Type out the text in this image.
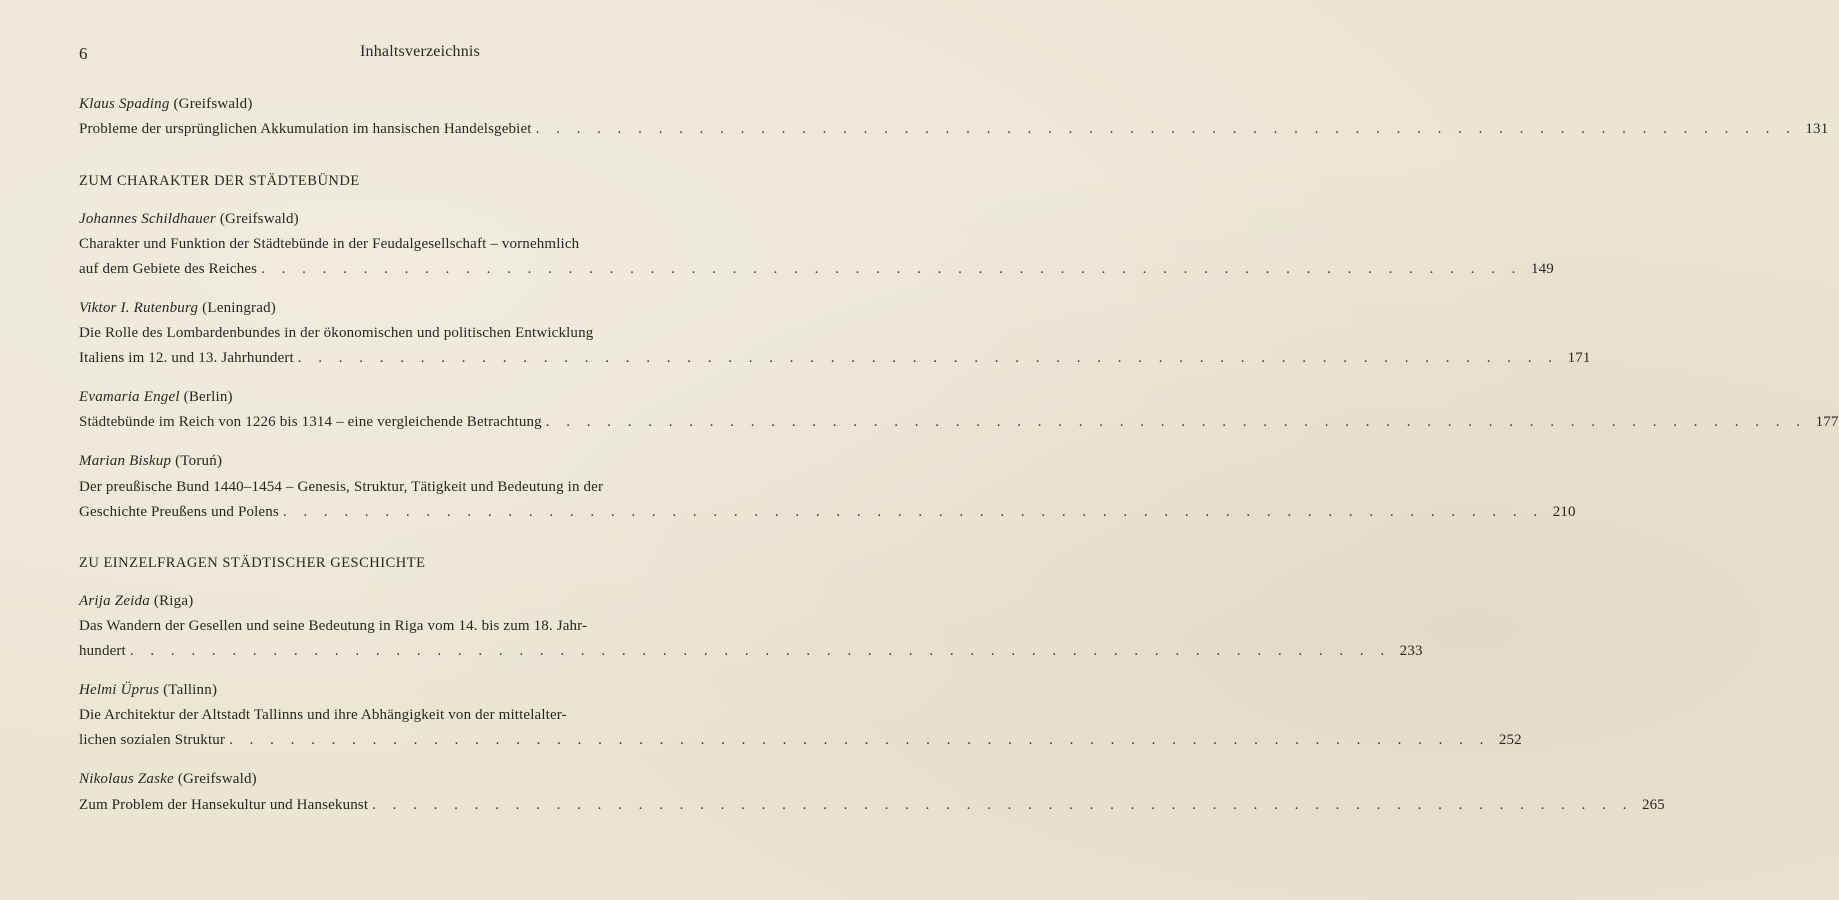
6	Inhaltsverzeichnis
Klaus Spading (Greifswald)
Probleme der ursprünglichen Akkumulation im hansischen Handelsgebiet . . . . . . . . . . . . . . . . . . . . . . . . . . . . . . . . . . . . . . . . . . . . . . . . . . . . . . . . . . . . . . 131
ZUM CHARAKTER DER STÄDTEBÜNDE
Johannes Schildhauer (Greifswald)
Charakter und Funktion der Städtebünde in der Feudalgesellschaft – vornehmlich
auf dem Gebiete des Reiches . . . . . . . . . . . . . . . . . . . . . . . . . . . . . . . . . . . . . . . . . . . . . . . . . . . . . . . . . . . . . . 149
Viktor I. Rutenburg (Leningrad)
Die Rolle des Lombardenbundes in der ökonomischen und politischen Entwicklung
Italiens im 12. und 13. Jahrhundert . . . . . . . . . . . . . . . . . . . . . . . . . . . . . . . . . . . . . . . . . . . . . . . . . . . . . . . . . . . . . . 171
Evamaria Engel (Berlin)
Städtebünde im Reich von 1226 bis 1314 – eine vergleichende Betrachtung . . . . . . . . . . . . . . . . . . . . . . . . . . . . . . . . . . . . . . . . . . . . . . . . . . . . . . . . . . . . . . 177
Marian Biskup (Toruń)
Der preußische Bund 1440–1454 – Genesis, Struktur, Tätigkeit und Bedeutung in der
Geschichte Preußens und Polens . . . . . . . . . . . . . . . . . . . . . . . . . . . . . . . . . . . . . . . . . . . . . . . . . . . . . . . . . . . . . . 210
ZU EINZELFRAGEN STÄDTISCHER GESCHICHTE
Arija Zeida (Riga)
Das Wandern der Gesellen und seine Bedeutung in Riga vom 14. bis zum 18. Jahr-
hundert . . . . . . . . . . . . . . . . . . . . . . . . . . . . . . . . . . . . . . . . . . . . . . . . . . . . . . . . . . . . . . 233
Helmi Üprus (Tallinn)
Die Architektur der Altstadt Tallinns und ihre Abhängigkeit von der mittelalter-
lichen sozialen Struktur . . . . . . . . . . . . . . . . . . . . . . . . . . . . . . . . . . . . . . . . . . . . . . . . . . . . . . . . . . . . . . 252
Nikolaus Zaske (Greifswald)
Zum Problem der Hansekultur und Hansekunst . . . . . . . . . . . . . . . . . . . . . . . . . . . . . . . . . . . . . . . . . . . . . . . . . . . . . . . . . . . . . . 265
